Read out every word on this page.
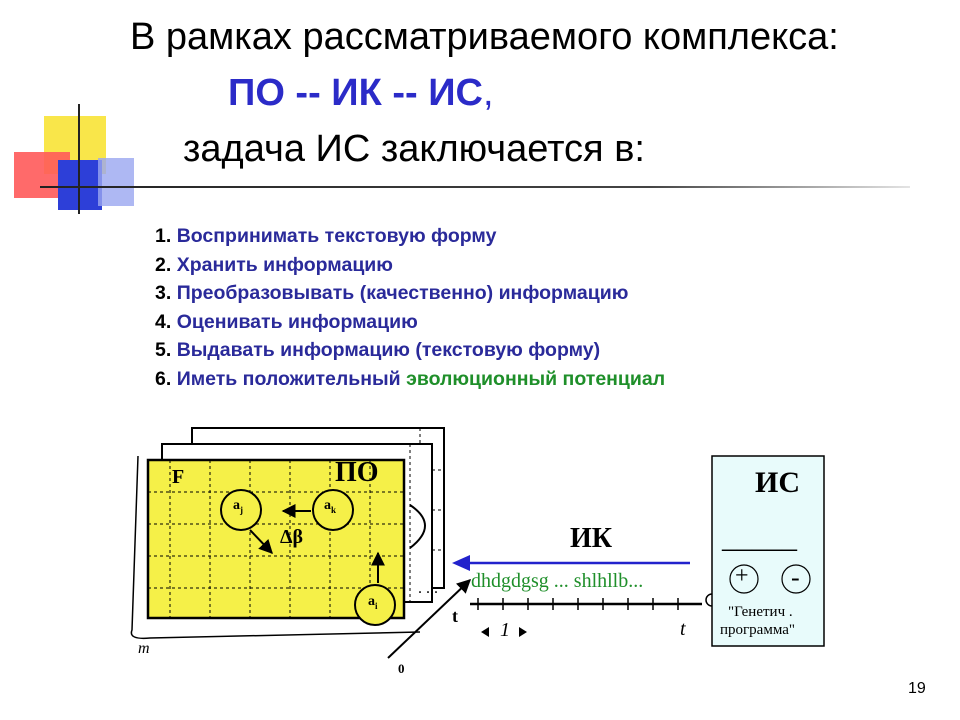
В рамках рассматриваемого комплекса:
ПО -- ИК -- ИС,
задача ИС заключается в:
1. Воспринимать текстовую форму
2. Хранить информацию
3. Преобразовывать (качественно) информацию
4. Оценивать информацию
5. Выдавать информацию (текстовую форму)
6. Иметь положительный эволюционный потенциал
ПО
F
$a_j$	$a_k$
$a_i$
Δβ
m
0
t
t
. . .
ИК
dhdgdgsg ... shlhllb...
1
ИС
_____
+ -
"Генетич .
программа"
19
